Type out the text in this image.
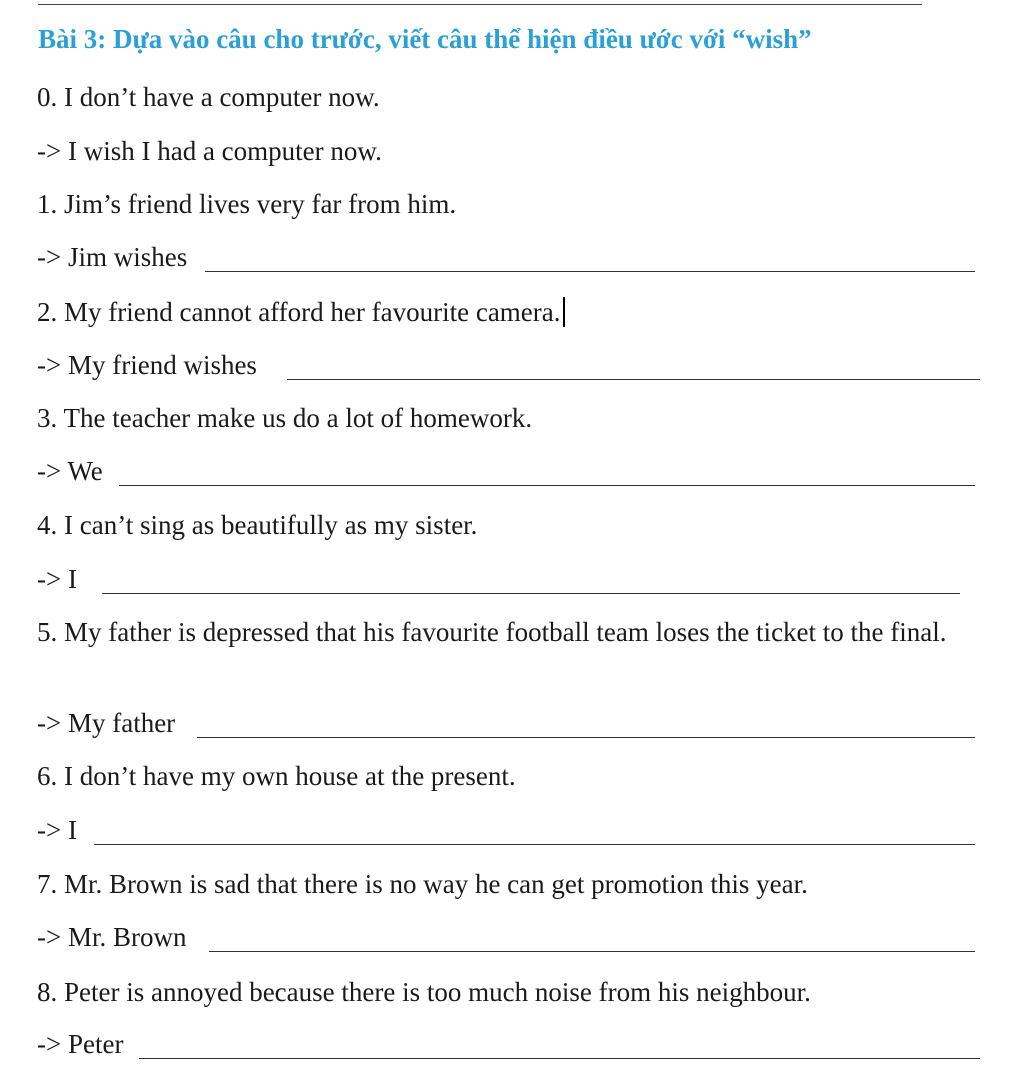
Bài 3: Dựa vào câu cho trước, viết câu thể hiện điều ước với “wish”
0. I don’t have a computer now.
-> I wish I had a computer now.
1. Jim’s friend lives very far from him.
-> Jim wishes
2. My friend cannot afford her favourite camera.
-> My friend wishes
3. The teacher make us do a lot of homework.
-> We
4. I can’t sing as beautifully as my sister.
-> I
5. My father is depressed that his favourite football team loses the ticket to the final.
-> My father
6. I don’t have my own house at the present.
-> I
7. Mr. Brown is sad that there is no way he can get promotion this year.
-> Mr. Brown
8. Peter is annoyed because there is too much noise from his neighbour.
-> Peter
